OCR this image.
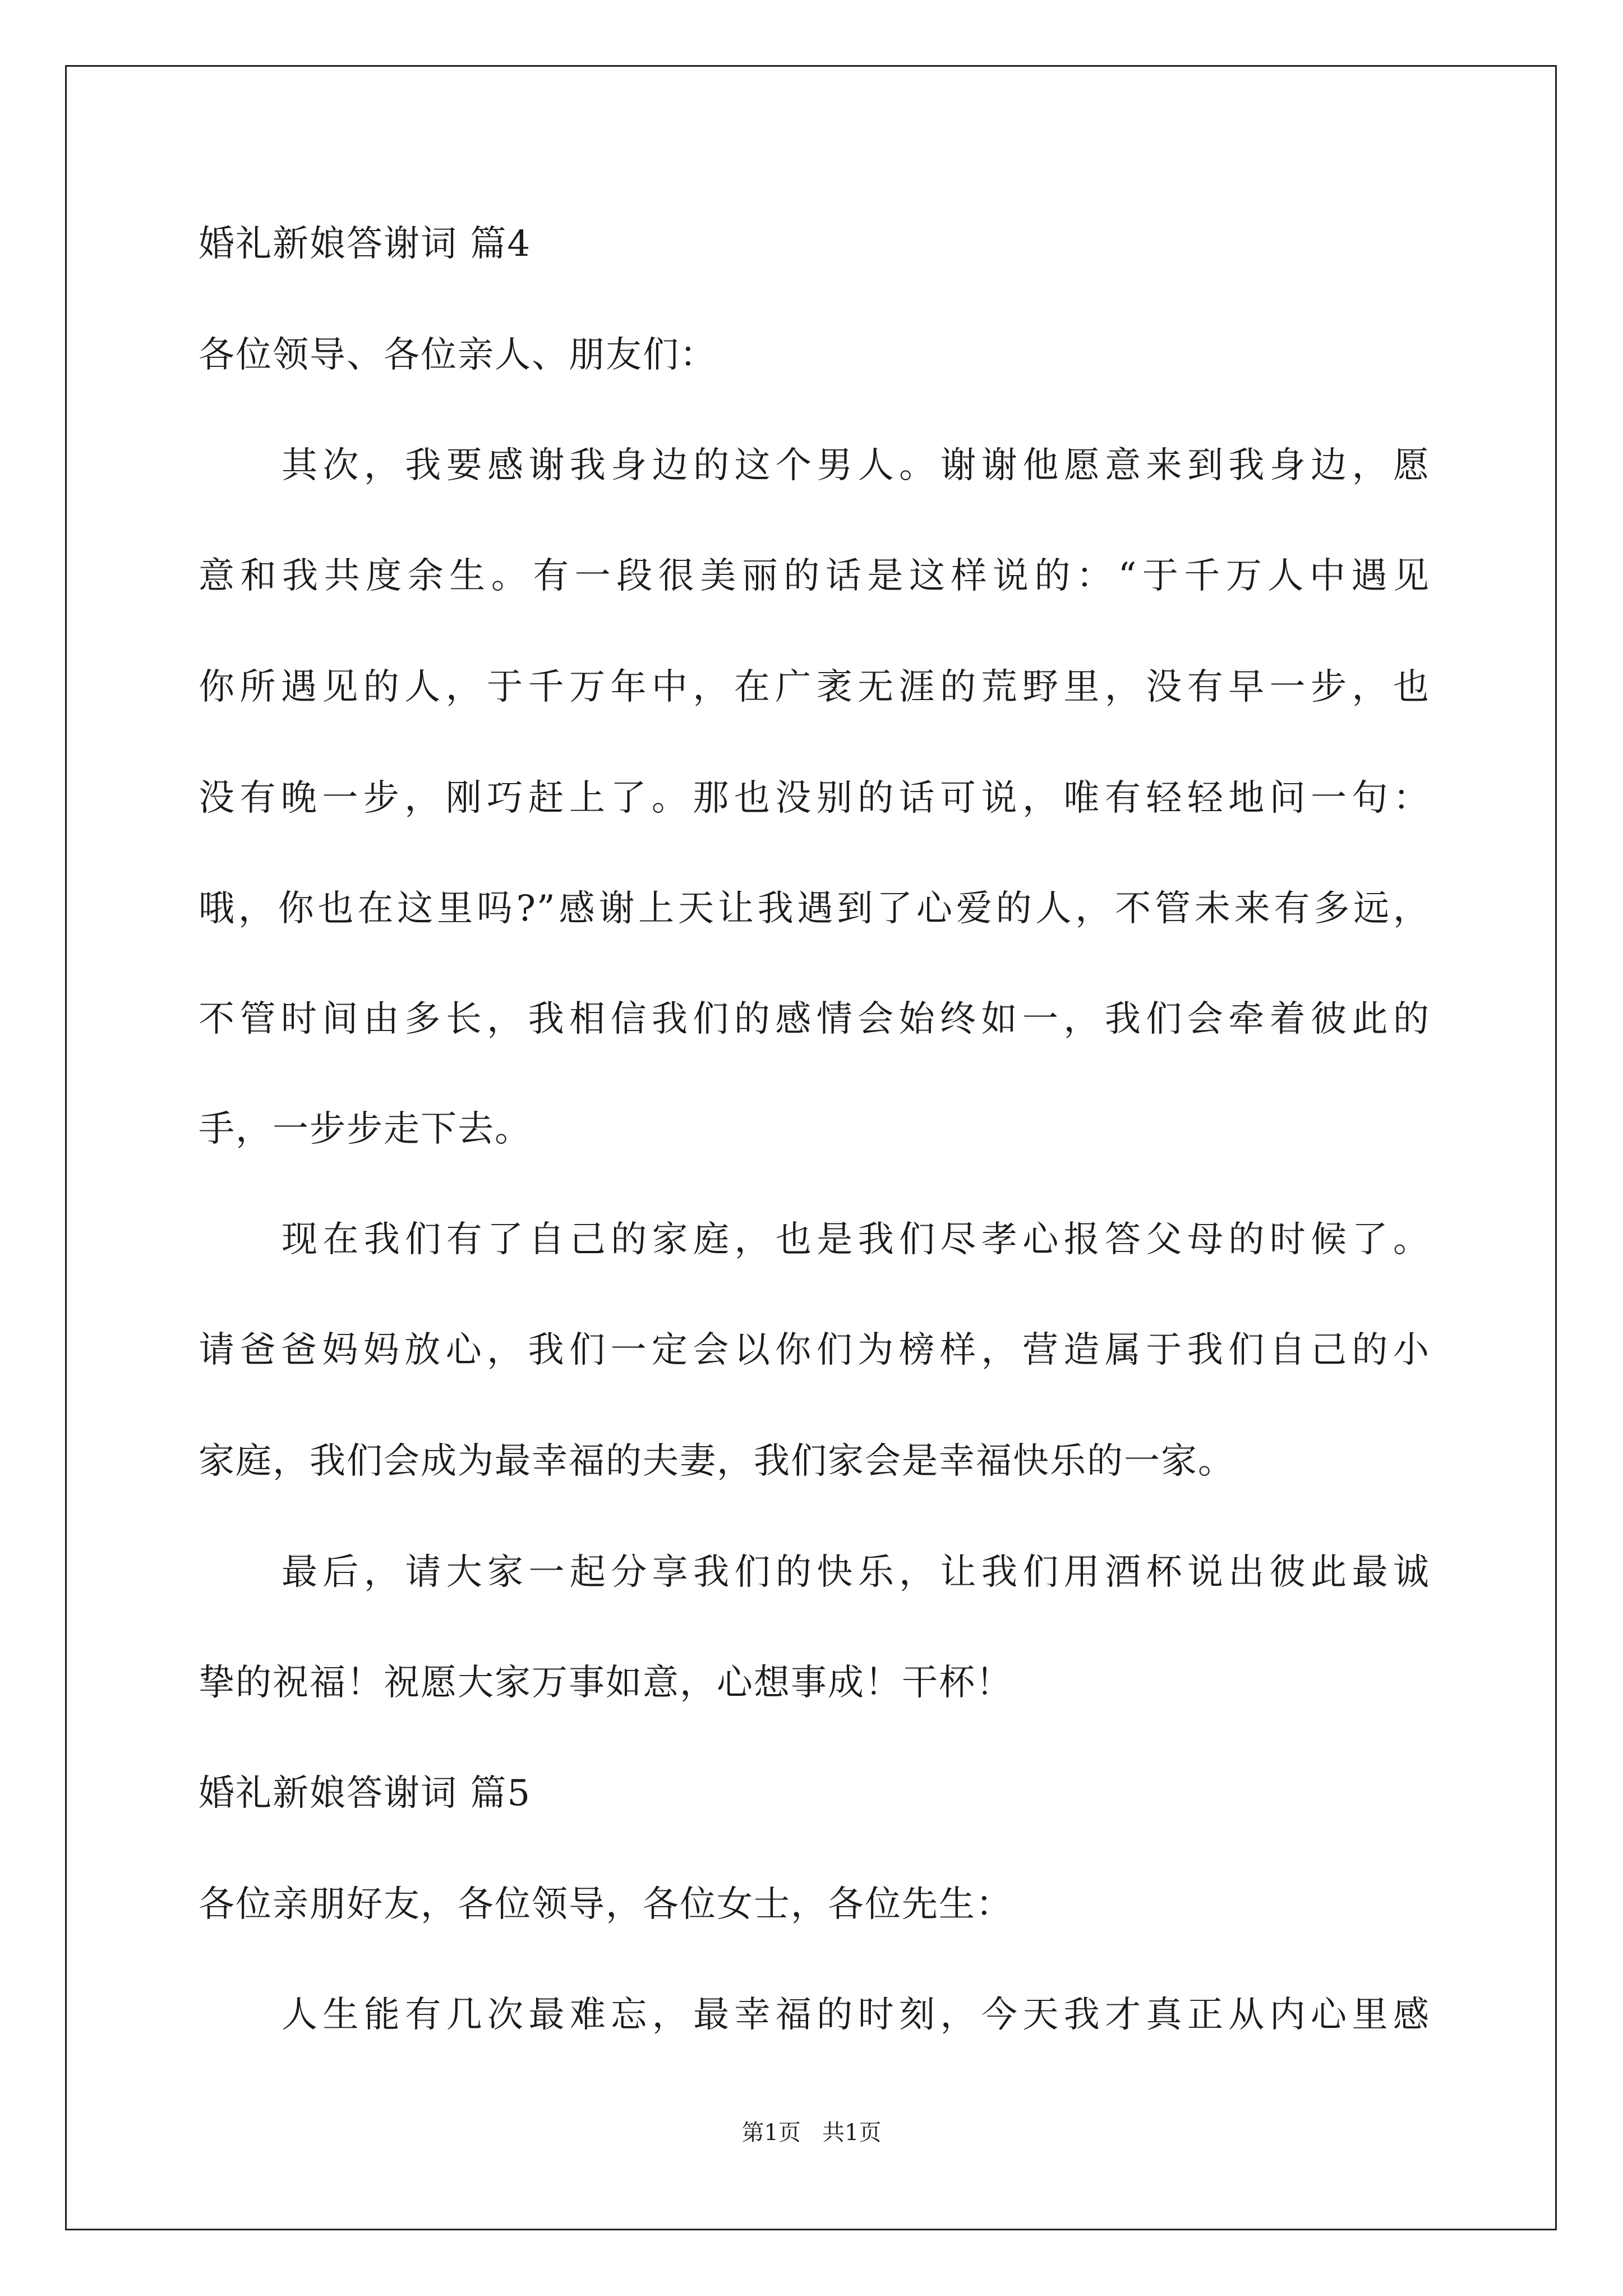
婚礼新娘答谢词 篇4
各位领导、各位亲人、朋友们：
其次，我要感谢我身边的这个男人。谢谢他愿意来到我身边，愿
意和我共度余生。有一段很美丽的话是这样说的：“于千万人中遇见
你所遇见的人，于千万年中，在广袤无涯的荒野里，没有早一步，也
没有晚一步，刚巧赶上了。那也没别的话可说，唯有轻轻地问一句：
哦，你也在这里吗?”感谢上天让我遇到了心爱的人，不管未来有多远，
不管时间由多长，我相信我们的感情会始终如一，我们会牵着彼此的
手，一步步走下去。
现在我们有了自己的家庭，也是我们尽孝心报答父母的时候了。
请爸爸妈妈放心，我们一定会以你们为榜样，营造属于我们自己的小
家庭，我们会成为最幸福的夫妻，我们家会是幸福快乐的一家。
最后，请大家一起分享我们的快乐，让我们用酒杯说出彼此最诚
挚的祝福！祝愿大家万事如意，心想事成！干杯！
婚礼新娘答谢词 篇5
各位亲朋好友，各位领导，各位女士，各位先生：
人生能有几次最难忘，最幸福的时刻，今天我才真正从内心里感
第1页   共1页
